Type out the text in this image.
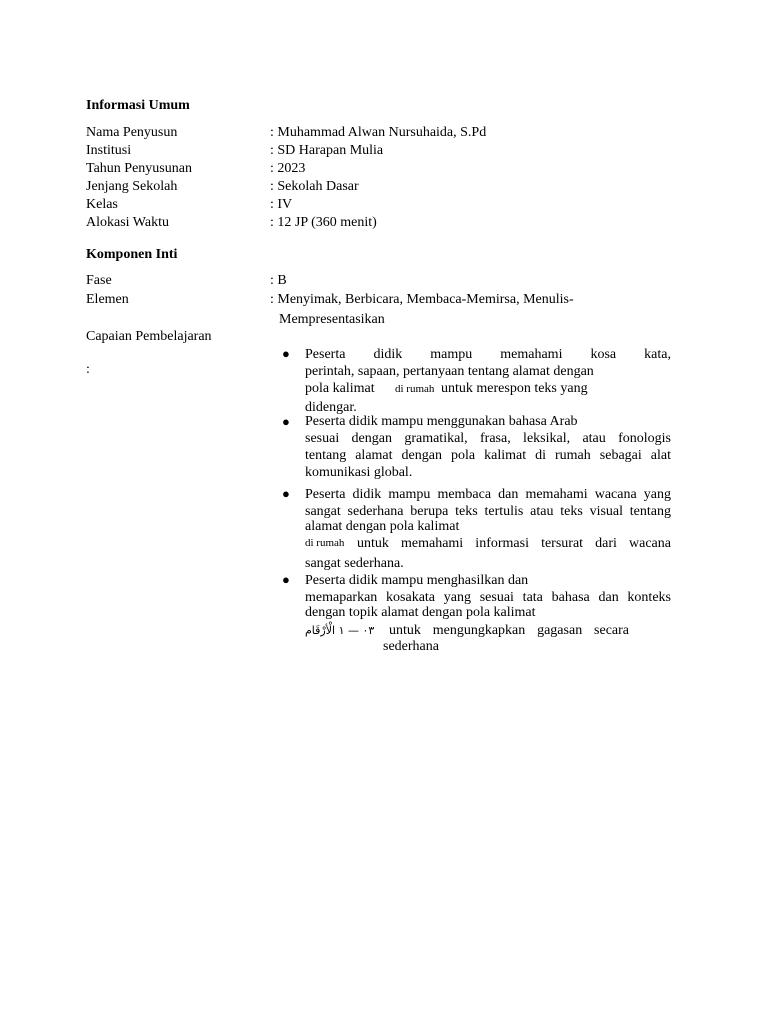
Informasi Umum
Nama Penyusun	: Muhammad Alwan Nursuhaida, S.Pd
Institusi	: SD Harapan Mulia
Tahun Penyusunan	: 2023
Jenjang Sekolah	: Sekolah Dasar
Kelas	: IV
Alokasi Waktu	: 12 JP (360 menit)
Komponen Inti
Fase	: B
Elemen	: Menyimak, Berbicara, Membaca-Memirsa, Menulis-
Mempresentasikan
Capaian Pembelajaran
:
● Peserta didik mampu memahami kosa kata,
perintah, sapaan, pertanyaan tentang alamat dengan
pola kalimat di rumah untuk merespon teks yang
didengar.
● Peserta didik mampu menggunakan bahasa Arab
sesuai dengan gramatikal, frasa, leksikal, atau fonologis
tentang alamat dengan pola kalimat di rumah sebagai alat
komunikasi global.
● Peserta didik mampu membaca dan memahami wacana yang
sangat sederhana berupa teks tertulis atau teks visual tentang
alamat dengan pola kalimat
di rumah untuk memahami informasi tersurat dari wacana
sangat sederhana.
● Peserta didik mampu menghasilkan dan
memaparkan kosakata yang sesuai tata bahasa dan konteks
dengan topik alamat dengan pola kalimat
٠٣ — ١ الْأرْقَام untuk mengungkapkan gagasan secara
sederhana
